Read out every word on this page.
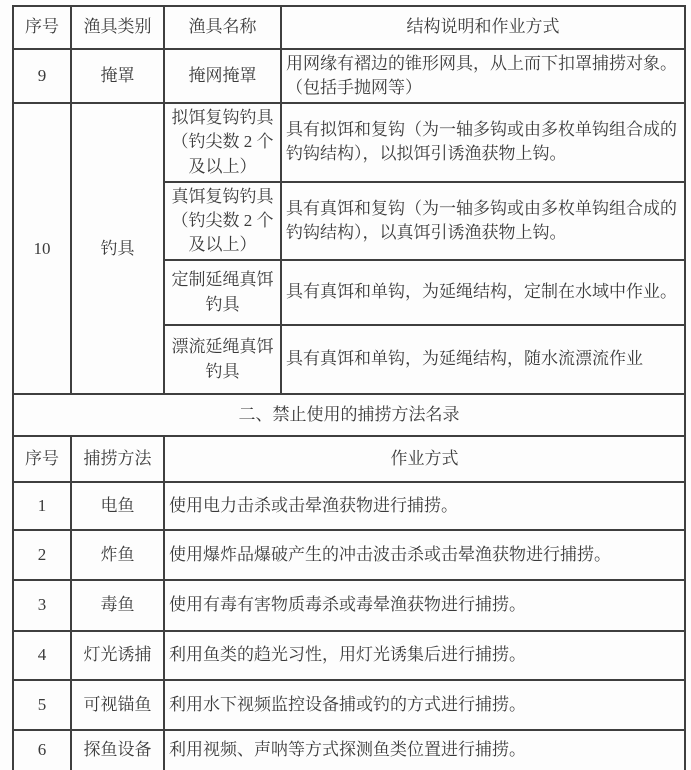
序号	渔具类别	渔具名称	结构说明和作业方式
9	掩罩	掩网掩罩	用网缘有褶边的锥形网具，从上而下扣罩捕捞对象。（包括手抛网等）
10	钓具	拟饵复钩钓具（钓尖数 2 个及以上）	具有拟饵和复钩（为一轴多钩或由多枚单钩组合成的钓钩结构），以拟饵引诱渔获物上钩。
		真饵复钩钓具（钓尖数 2 个及以上）	具有真饵和复钩（为一轴多钩或由多枚单钩组合成的钓钩结构），以真饵引诱渔获物上钩。
		定制延绳真饵钓具	具有真饵和单钩，为延绳结构，定制在水域中作业。
		漂流延绳真饵钓具	具有真饵和单钩，为延绳结构，随水流漂流作业
二、禁止使用的捕捞方法名录			
序号	捕捞方法	作业方式	
1	电鱼	使用电力击杀或击晕渔获物进行捕捞。	
2	炸鱼	使用爆炸品爆破产生的冲击波击杀或击晕渔获物进行捕捞。	
3	毒鱼	使用有毒有害物质毒杀或毒晕渔获物进行捕捞。	
4	灯光诱捕	利用鱼类的趋光习性，用灯光诱集后进行捕捞。	
5	可视锚鱼	利用水下视频监控设备捕或钓的方式进行捕捞。	
6	探鱼设备	利用视频、声呐等方式探测鱼类位置进行捕捞。	
